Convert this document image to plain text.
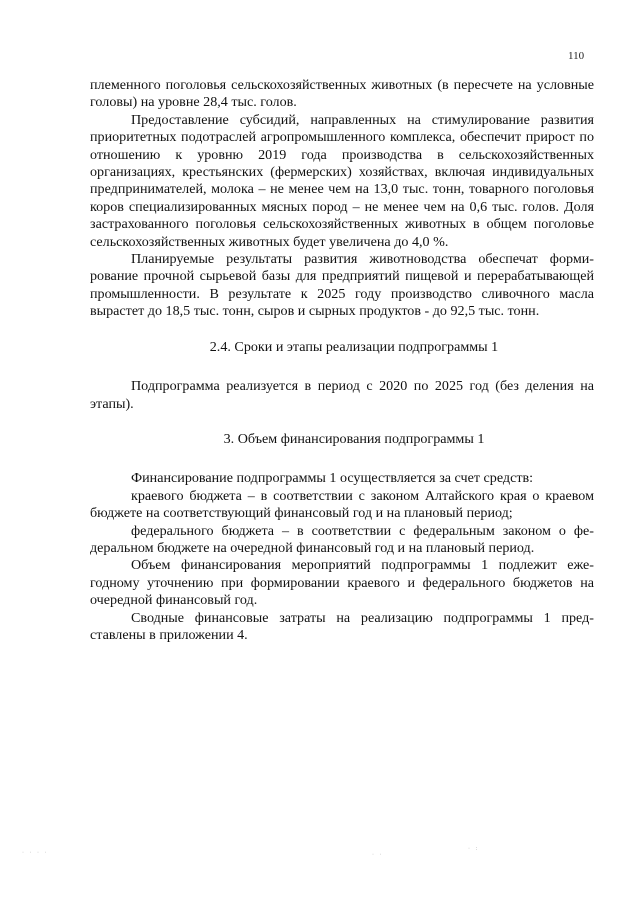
110

племенного поголовья сельскохозяйственных животных (в пересчете на условные головы) на уровне 28,4 тыс. голов.

Предоставление субсидий, направленных на стимулирование развития приоритетных подотраслей агропромышленного комплекса, обеспечит прирост по отношению к уровню 2019 года производства в сельскохозяйственных организациях, крестьянских (фермерских) хозяйствах, включая индивидуальных предпринимателей, молока – не менее чем на 13,0 тыс. тонн, товарного поголовья коров специализированных мясных пород – не менее чем на 0,6 тыс. голов. Доля застрахованного поголовья сельскохозяйственных животных в общем поголовье сельскохозяйственных животных будет увеличена до 4,0 %.

Планируемые результаты развития животноводства обеспечат формирование прочной сырьевой базы для предприятий пищевой и перерабатывающей промышленности. В результате к 2025 году производство сливочного масла вырастет до 18,5 тыс. тонн, сыров и сырных продуктов - до 92,5 тыс. тонн.

2.4. Сроки и этапы реализации подпрограммы 1

Подпрограмма реализуется в период с 2020 по 2025 год (без деления на этапы).

3. Объем финансирования подпрограммы 1

Финансирование подпрограммы 1 осуществляется за счет средств:

краевого бюджета – в соответствии с законом Алтайского края о краевом бюджете на соответствующий финансовый год и на плановый период;

федерального бюджета – в соответствии с федеральным законом о федеральном бюджете на очередной финансовый год и на плановый период.

Объем финансирования мероприятий подпрограммы 1 подлежит ежегодному уточнению при формировании краевого и федерального бюджетов на очередной финансовый год.

Сводные финансовые затраты на реализацию подпрограммы 1 представлены в приложении 4.

· · · ·	· ·
· :
